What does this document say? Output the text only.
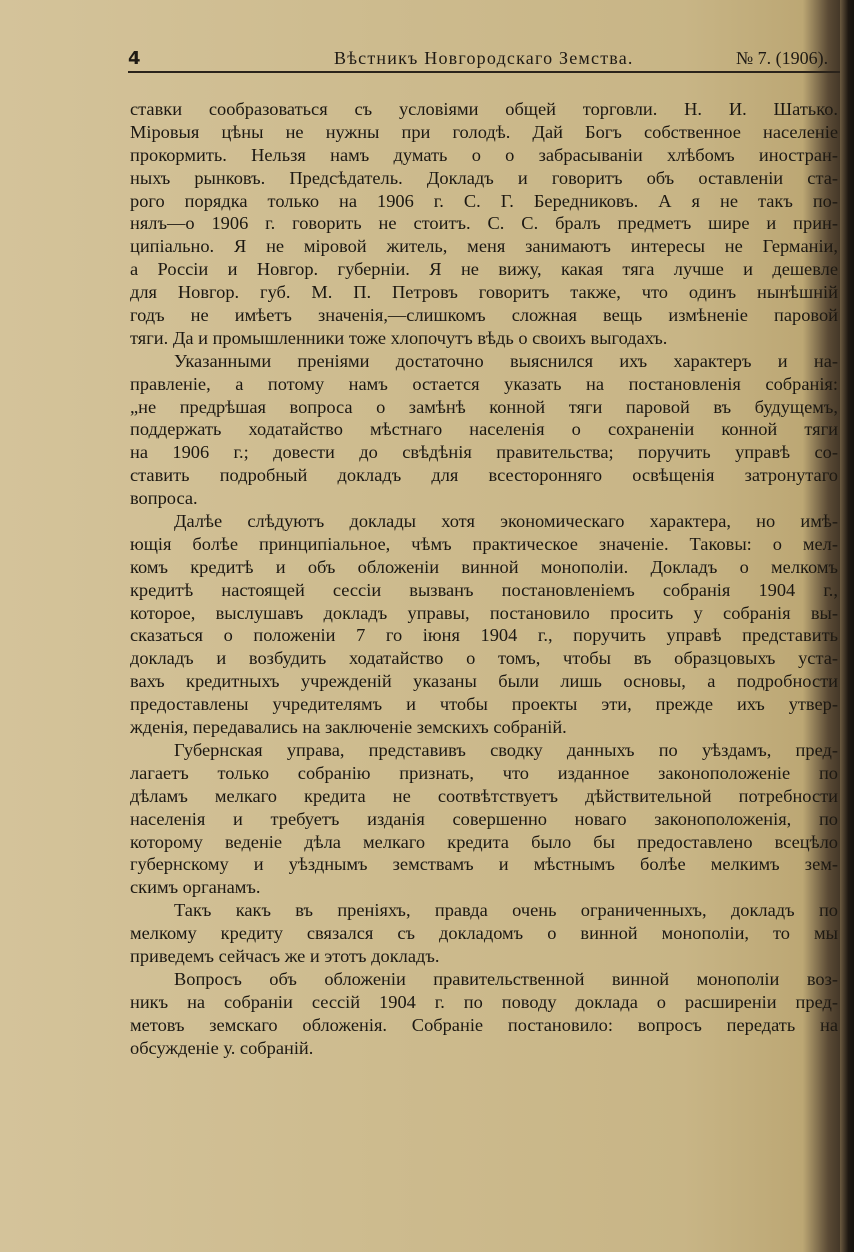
4	Вѣстникъ Новгородскаго Земства.	№ 7. (1906).
ставки сообразоваться съ условіями общей торговли. Н. И. Шатько.
Міровыя цѣны не нужны при голодѣ. Дай Богъ собственное населеніе
прокормить. Нельзя намъ думать о о забрасываніи хлѣбомъ иностран-
ныхъ рынковъ. Предсѣдатель. Докладъ и говоритъ объ оставленіи ста-
рого порядка только на 1906 г. С. Г. Бередниковъ. А я не такъ по-
нялъ—о 1906 г. говорить не стоитъ. С. С. бралъ предметъ шире и прин-
ципіально. Я не міровой житель, меня занимаютъ интересы не Германіи,
а Россіи и Новгор. губерніи. Я не вижу, какая тяга лучше и дешевле
для Новгор. губ. М. П. Петровъ говоритъ также, что одинъ нынѣшній
годъ не имѣетъ значенія,—слишкомъ сложная вещь измѣненіе паровой
тяги. Да и промышленники тоже хлопочутъ вѣдь о своихъ выгодахъ.
Указанными преніями достаточно выяснился ихъ характеръ и на-
правленіе, а потому намъ остается указать на постановленія собранія:
„не предрѣшая вопроса о замѣнѣ конной тяги паровой въ будущемъ,
поддержать ходатайство мѣстнаго населенія о сохраненіи конной тяги
на 1906 г.; довести до свѣдѣнія правительства; поручить управѣ со-
ставить подробный докладъ для всесторонняго освѣщенія затронутаго
вопроса.
Далѣе слѣдуютъ доклады хотя экономическаго характера, но имѣ-
ющія болѣе принципіальное, чѣмъ практическое значеніе. Таковы: о мел-
комъ кредитѣ и объ обложеніи винной монополіи. Докладъ о мелкомъ
кредитѣ настоящей сессіи вызванъ постановленіемъ собранія 1904 г.,
которое, выслушавъ докладъ управы, постановило просить у собранія вы-
сказаться о положеніи 7 го іюня 1904 г., поручить управѣ представить
докладъ и возбудить ходатайство о томъ, чтобы въ образцовыхъ уста-
вахъ кредитныхъ учрежденій указаны были лишь основы, а подробности
предоставлены учредителямъ и чтобы проекты эти, прежде ихъ утвер-
жденія, передавались на заключеніе земскихъ собраній.
Губернская управа, представивъ сводку данныхъ по уѣздамъ, пред-
лагаетъ только собранію признать, что изданное законоположеніе по
дѣламъ мелкаго кредита не соотвѣтствуетъ дѣйствительной потребности
населенія и требуетъ изданія совершенно новаго законоположенія, по
которому веденіе дѣла мелкаго кредита было бы предоставлено всецѣло
губернскому и уѣзднымъ земствамъ и мѣстнымъ болѣе мелкимъ зем-
скимъ органамъ.
Такъ какъ въ преніяхъ, правда очень ограниченныхъ, докладъ по
мелкому кредиту связался съ докладомъ о винной монополіи, то мы
приведемъ сейчасъ же и этотъ докладъ.
Вопросъ объ обложеніи правительственной винной монополіи воз-
никъ на собраніи сессій 1904 г. по поводу доклада о расширеніи пред-
метовъ земскаго обложенія. Собраніе постановило: вопросъ передать на
обсужденіе у. собраній.
